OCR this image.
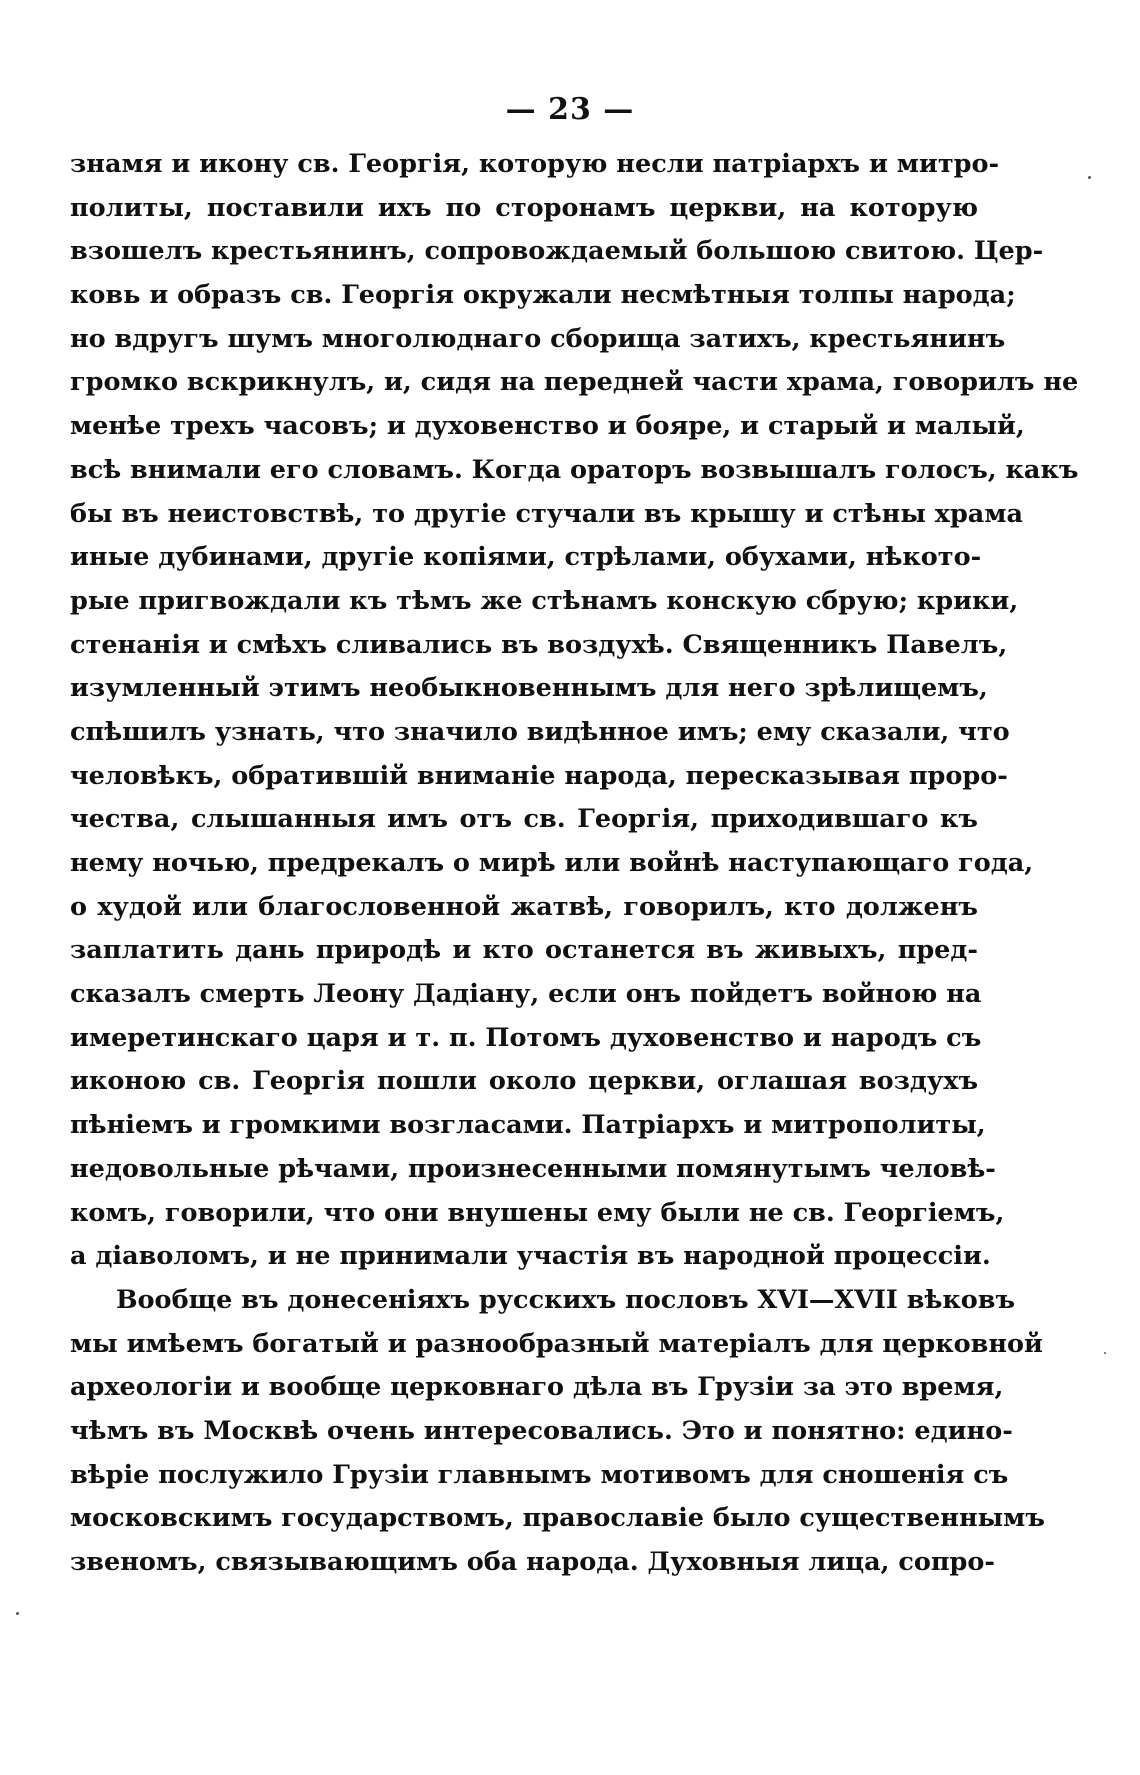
— 23 —
знамя и икону св. Георгія, которую несли патріархъ и митро-
политы, поставили ихъ по сторонамъ церкви, на которую
взошелъ крестьянинъ, сопровождаемый большою свитою. Цер-
ковь и образъ св. Георгія окружали несмѣтныя толпы народа;
но вдругъ шумъ многолюднаго сборища затихъ, крестьянинъ
громко вскрикнулъ, и, сидя на передней части храма, говорилъ не
менѣе трехъ часовъ; и духовенство и бояре, и старый и малый,
всѣ внимали его словамъ. Когда ораторъ возвышалъ голосъ, какъ
бы въ неистовствѣ, то другіе стучали въ крышу и стѣны храма
иные дубинами, другіе копіями, стрѣлами, обухами, нѣкото-
рые пригвождали къ тѣмъ же стѣнамъ конскую сбрую; крики,
стенанія и смѣхъ сливались въ воздухѣ. Священникъ Павелъ,
изумленный этимъ необыкновеннымъ для него зрѣлищемъ,
спѣшилъ узнать, что значило видѣнное имъ; ему сказали, что
человѣкъ, обратившій вниманіе народа, пересказывая проро-
чества, слышанныя имъ отъ св. Георгія, приходившаго къ
нему ночью, предрекалъ о мирѣ или войнѣ наступающаго года,
о худой или благословенной жатвѣ, говорилъ, кто долженъ
заплатить дань природѣ и кто останется въ живыхъ, пред-
сказалъ смерть Леону Дадіану, если онъ пойдетъ войною на
имеретинскаго царя и т. п. Потомъ духовенство и народъ съ
иконою св. Георгія пошли около церкви, оглашая воздухъ
пѣніемъ и громкими возгласами. Патріархъ и митрополиты,
недовольные рѣчами, произнесенными помянутымъ человѣ-
комъ, говорили, что они внушены ему были не св. Георгіемъ,
а діаволомъ, и не принимали участія въ народной процессіи.
Вообще въ донесеніяхъ русскихъ пословъ XVI—XVII вѣковъ
мы имѣемъ богатый и разнообразный матеріалъ для церковной
археологіи и вообще церковнаго дѣла въ Грузіи за это время,
чѣмъ въ Москвѣ очень интересовались. Это и понятно: едино-
вѣріе послужило Грузіи главнымъ мотивомъ для сношенія съ
московскимъ государствомъ, православіе было существеннымъ
звеномъ, связывающимъ оба народа. Духовныя лица, сопро-
